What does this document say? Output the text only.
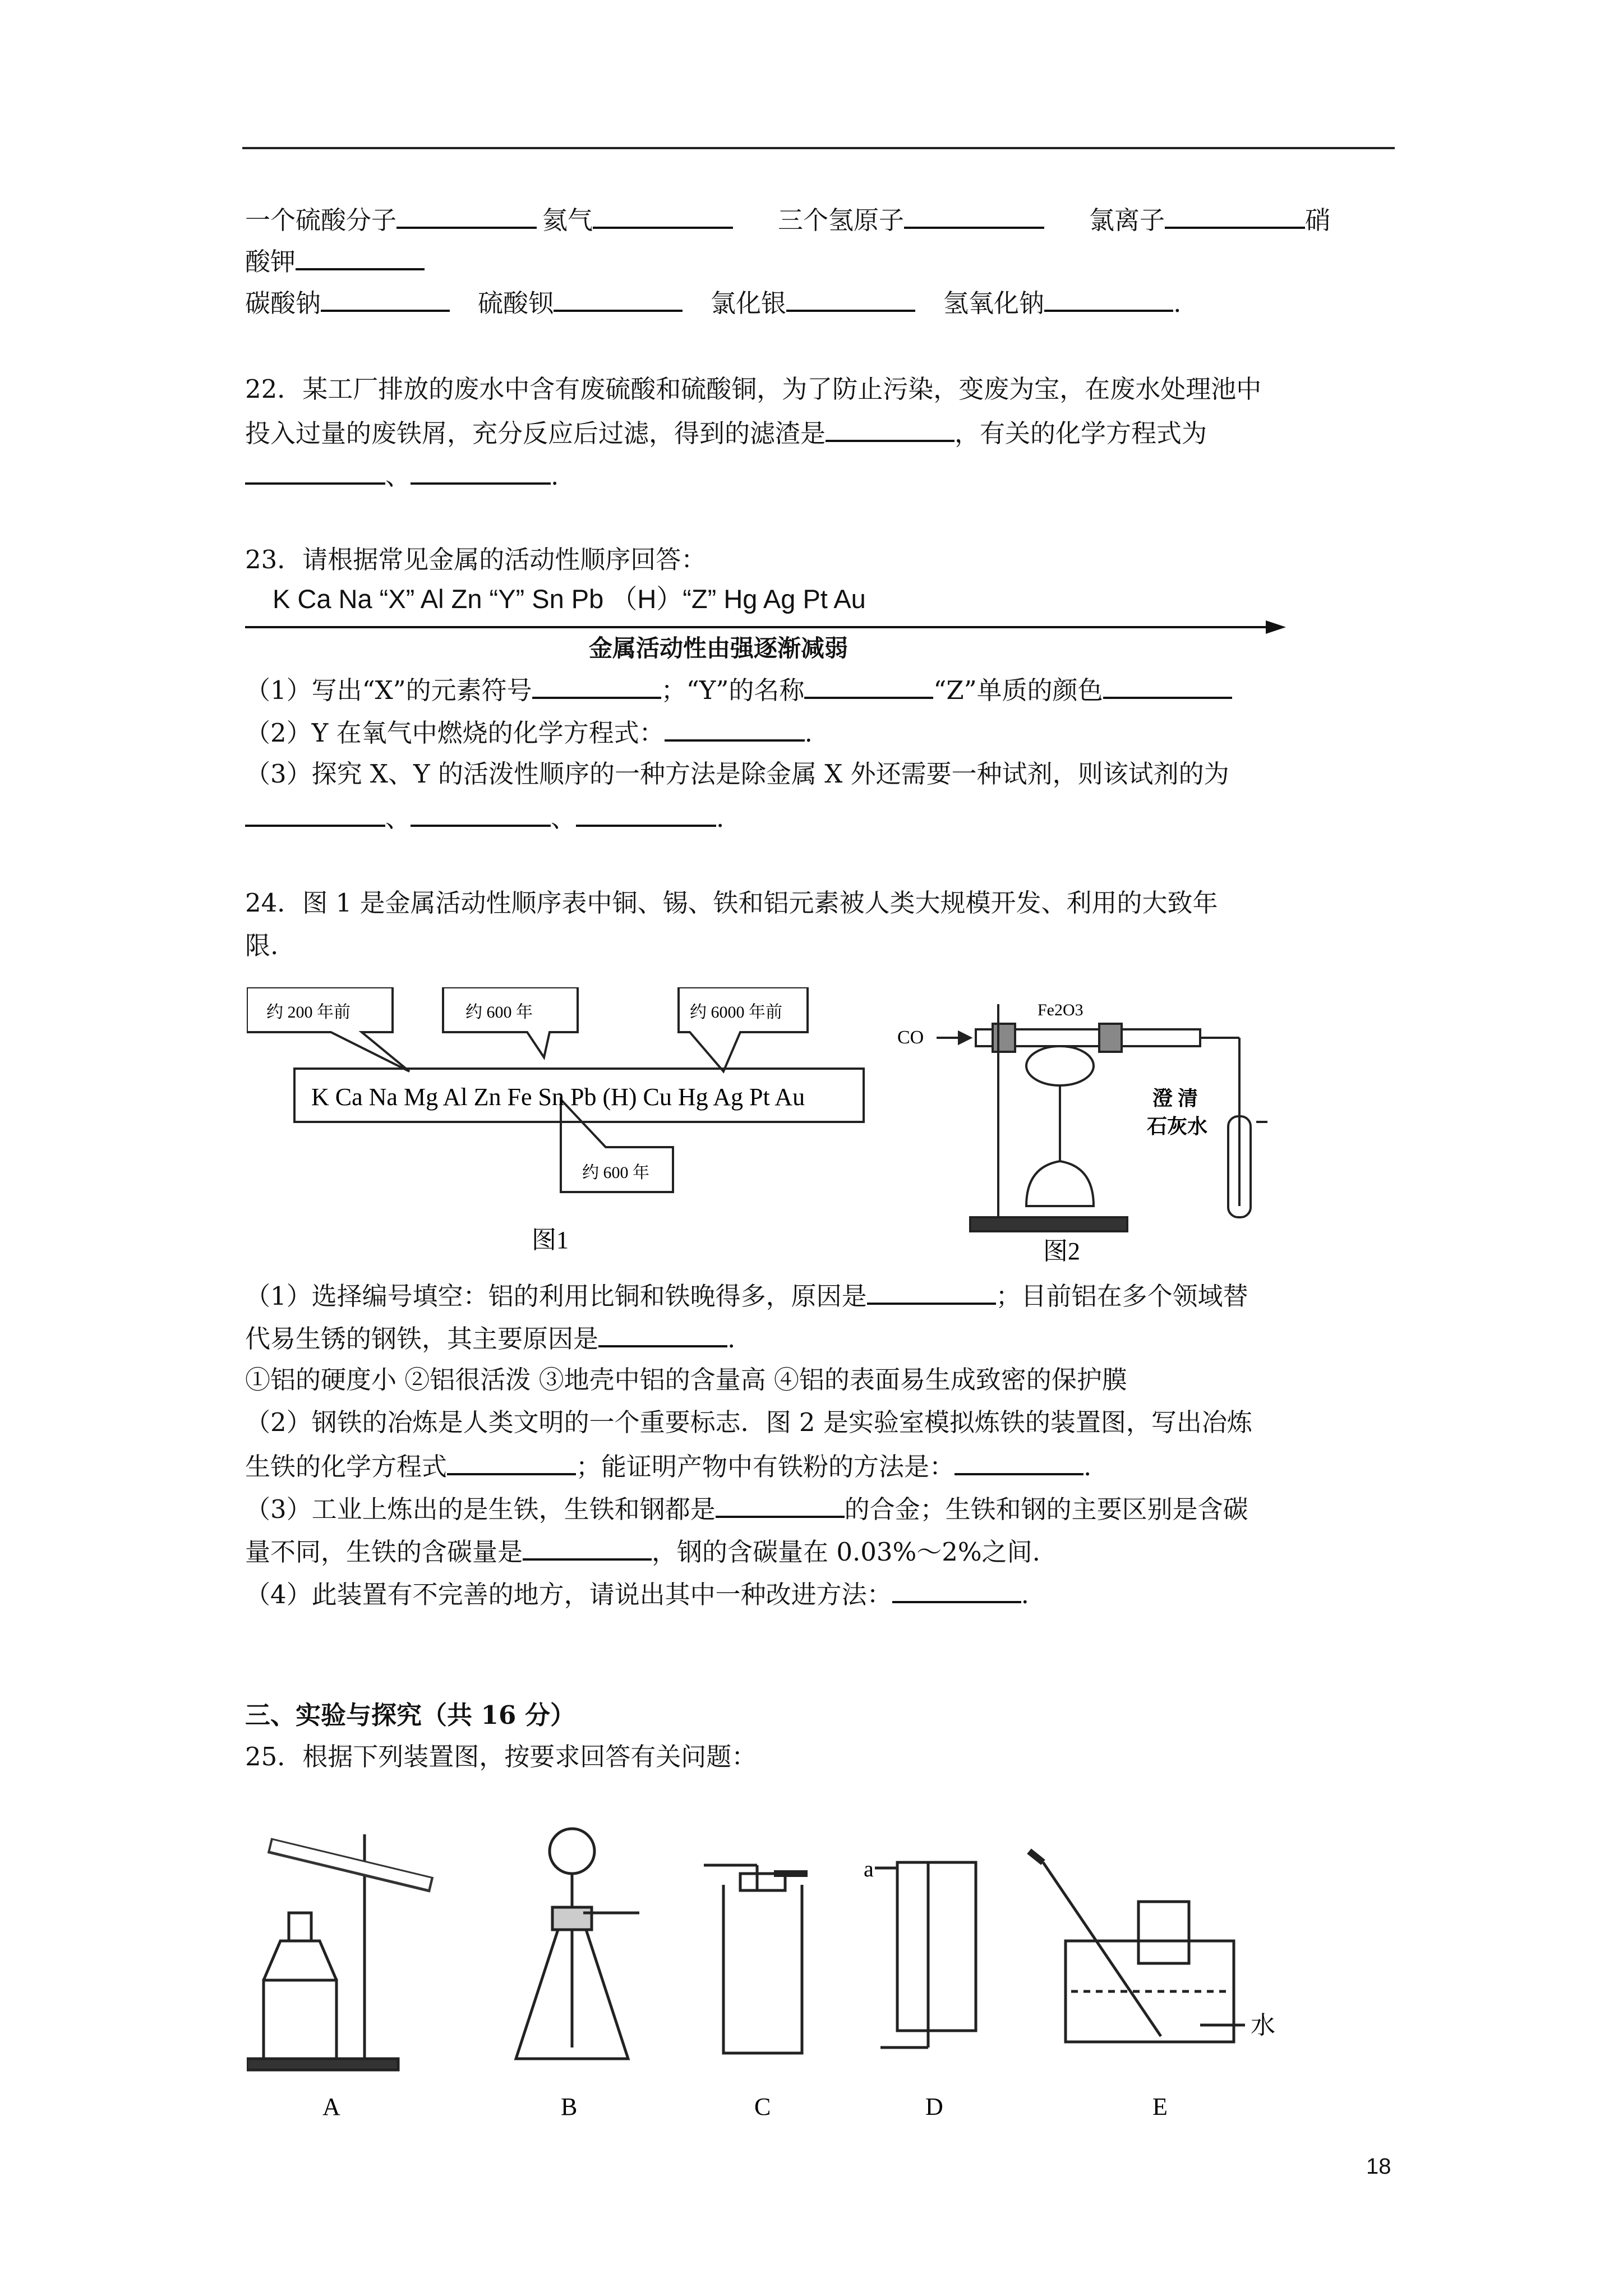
一个硫酸分子	氦气	三个氢原子	氯离子	硝
酸钾
碳酸钠	硫酸钡	氯化银	氢氧化钠	.
22．某工厂排放的废水中含有废硫酸和硫酸铜，为了防止污染，变废为宝，在废水处理池中
投入过量的废铁屑，充分反应后过滤，得到的滤渣是	，有关的化学方程式为
、	.
23．请根据常见金属的活动性顺序回答：
K Ca Na “X” Al Zn “Y” Sn Pb （H）“Z” Hg Ag Pt Au
金属活动性由强逐渐减弱
（1）写出“X”的元素符号	；“Y”的名称	“Z”单质的颜色
（2）Y 在氧气中燃烧的化学方程式：	.
（3）探究 X、Y 的活泼性顺序的一种方法是除金属 X 外还需要一种试剂，则该试剂的为
、	、	.
24．图 1 是金属活动性顺序表中铜、锡、铁和铝元素被人类大规模开发、利用的大致年
限.
约 200 年前	约 600 年	约 6000 年前
K Ca Na Mg Al Zn Fe Sn Pb (H) Cu Hg Ag Pt Au
约 600 年
图1
CO
Fe2O3
澄 清
石灰水
图2
（1）选择编号填空：铝的利用比铜和铁晚得多，原因是	；目前铝在多个领域替
代易生锈的钢铁，其主要原因是	.
①铝的硬度小 ②铝很活泼 ③地壳中铝的含量高 ④铝的表面易生成致密的保护膜
（2）钢铁的冶炼是人类文明的一个重要标志．图 2 是实验室模拟炼铁的装置图，写出冶炼
生铁的化学方程式	；能证明产物中有铁粉的方法是：	.
（3）工业上炼出的是生铁，生铁和钢都是	的合金；生铁和钢的主要区别是含碳
量不同，生铁的含碳量是	，钢的含碳量在 0.03%～2%之间.
（4）此装置有不完善的地方，请说出其中一种改进方法：	.
三、实验与探究（共 16 分）
25．根据下列装置图，按要求回答有关问题：
A	B	C	D	E
a
水
18
